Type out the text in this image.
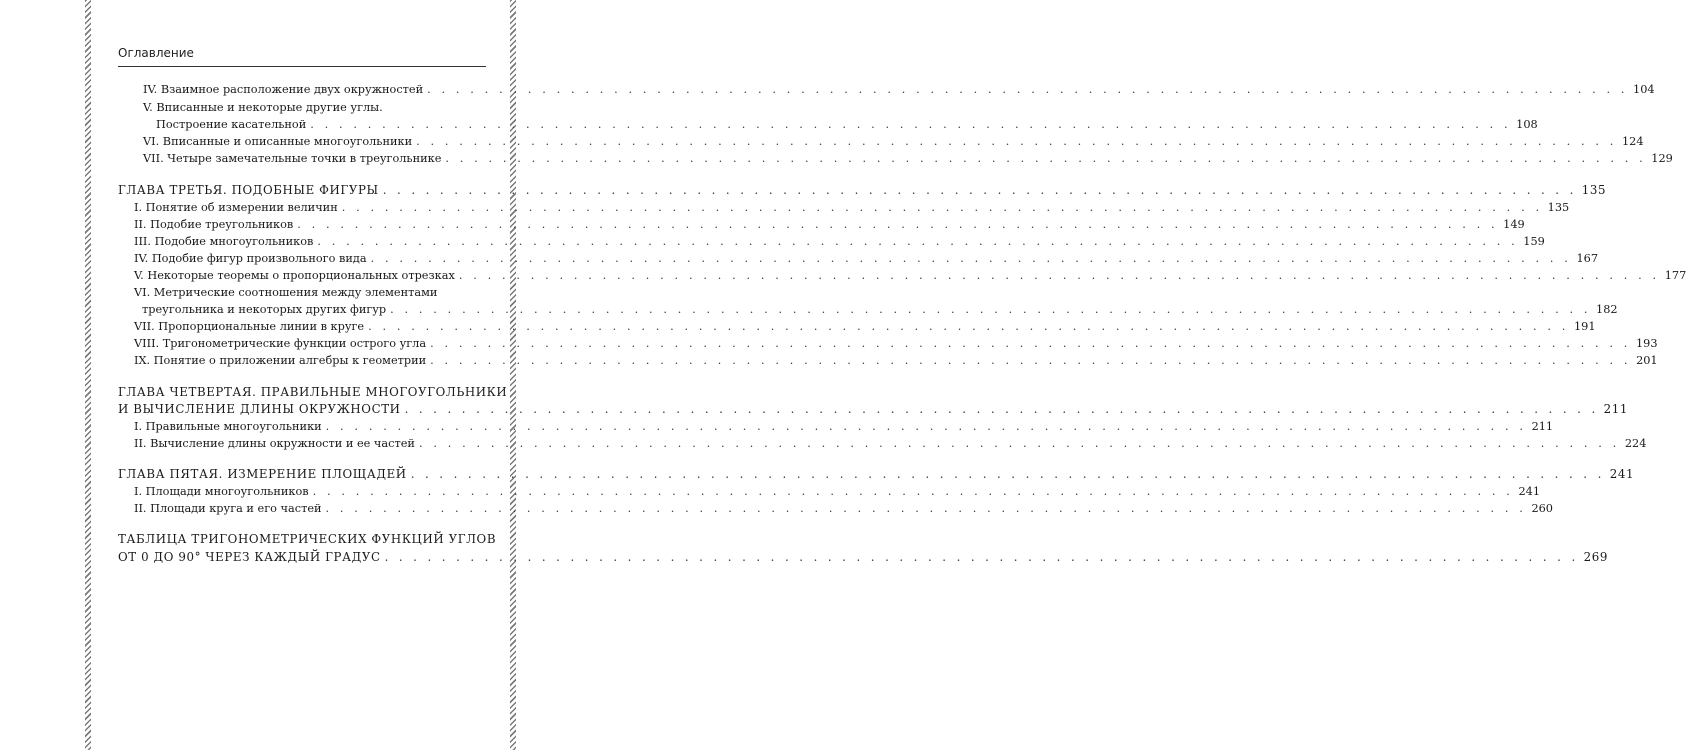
Оглавление
IV. Взаимное расположение двух окружностей . . .	104
V. Вписанные и некоторые другие углы.
Построение касательной . . .	108
VI. Вписанные и описанные многоугольники . . .	124
VII. Четыре замечательные точки в треугольнике . . .	129
ГЛАВА ТРЕТЬЯ. ПОДОБНЫЕ ФИГУРЫ . . .	135
I. Понятие об измерении величин . . .	135
II. Подобие треугольников . . .	149
III. Подобие многоугольников . . .	159
IV. Подобие фигур произвольного вида . . .	167
V. Некоторые теоремы о пропорциональных отрезках . . .	177
VI. Метрические соотношения между элементами
треугольника и некоторых других фигур . . .	182
VII. Пропорциональные линии в круге . . .	191
VIII. Тригонометрические функции острого угла . . .	193
IX. Понятие о приложении алгебры к геометрии . . .	201
ГЛАВА ЧЕТВЕРТАЯ. ПРАВИЛЬНЫЕ МНОГОУГОЛЬНИКИ
И ВЫЧИСЛЕНИЕ ДЛИНЫ ОКРУЖНОСТИ . . .	211
I. Правильные многоугольники . . .	211
II. Вычисление длины окружности и ее частей . . .	224
ГЛАВА ПЯТАЯ. ИЗМЕРЕНИЕ ПЛОЩАДЕЙ . . .	241
I. Площади многоугольников . . .	241
II. Площади круга и его частей . . .	260
ТАБЛИЦА ТРИГОНОМЕТРИЧЕСКИХ ФУНКЦИЙ УГЛОВ
ОТ 0 ДО 90° ЧЕРЕЗ КАЖДЫЙ ГРАДУС . . .	269
